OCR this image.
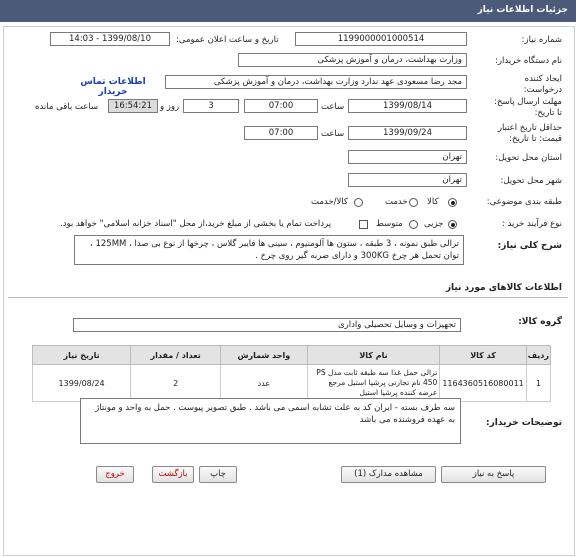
جزئیات اطلاعات نیاز
شماره نیاز:
1199000001000514
تاریخ و ساعت اعلان عمومی:
1399/08/10 - 14:03
نام دستگاه خریدار:
وزارت بهداشت، درمان و آموزش پزشکی
ایجاد کننده
درخواست:
مجد رضا مسعودی عهد ندارد وزارت بهداشت، درمان و آموزش پزشکی
اطلاعات تماس خریدار
مهلت ارسال پاسخ:
تا تاریخ:
1399/08/14
ساعت
07:00
3
روز و
16:54:21
ساعت باقی مانده
حداقل تاریخ اعتبار
قیمت: تا تاریخ:
1399/09/24
ساعت
07:00
استان محل تحویل:
تهران
شهر محل تحویل:
تهران
طبقه بندی موضوعی:
کالا
خدمت
کالا/خدمت
نوع فرآیند خرید :
جزیی
متوسط
پرداخت تمام یا بخشی از مبلغ خرید،از محل "اسناد خزانه اسلامی" خواهد بود.
شرح کلی نیاز:
ترالی طبق نمونه ، 3 طبقه ، ستون ها آلومنیوم ، سینی ها فایبر گلاس ، چرخها از نوع بی صدا ، 125MM ، توان تحمل هر چرخ 300KG و دارای ضربه گیر روی چرخ .
اطلاعات کالاهای مورد نیاز
گروه کالا:
تجهیزات و وسایل تحصیلی واداری
ردیف	کد کالا	نام کالا	واحد شمارش	تعداد / مقدار	تاریخ نیاز
1	1164360516080011	ترالی حمل غذا سه طبقه ثابت مدل PS 450 نام تجارتی پرشیا استیل مرجع عرضه کننده پرشیا استیل	عدد	2	1399/08/24
توضیحات خریدار:
سه طرف بسته - ایران کد به علت تشابه اسمی می باشد . طبق تصویر پیوست . حمل به واحد و مونتاژ به عهده فروشنده می باشد
پاسخ به نیاز
مشاهده مدارک (1)
چاپ
بازگشت
خروج
